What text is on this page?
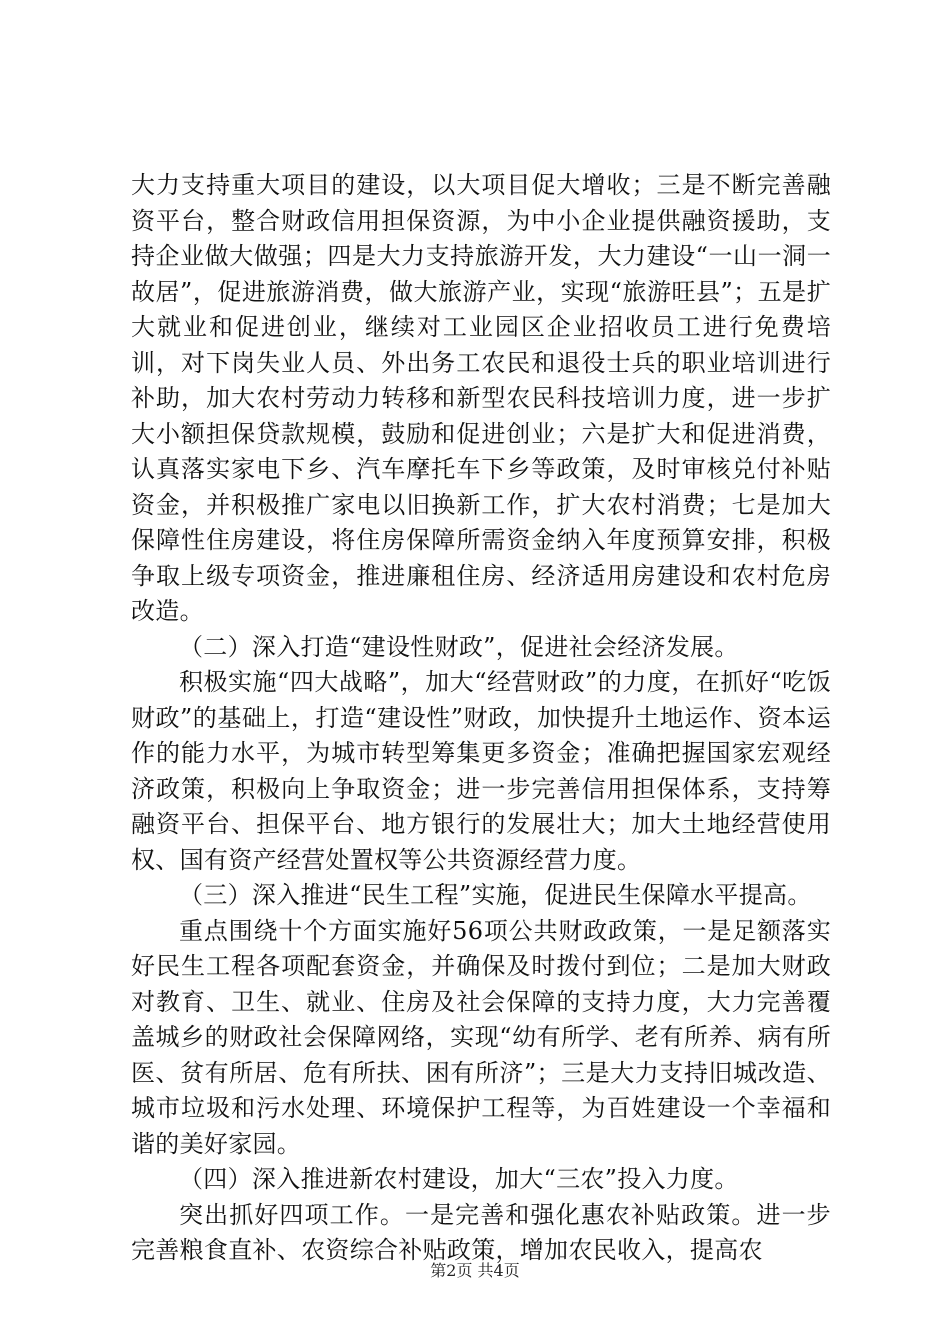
大力支持重大项目的建设，以大项目促大增收；三是不断完善融资平台，整合财政信用担保资源，为中小企业提供融资援助，支持企业做大做强；四是大力支持旅游开发，大力建设“一山一洞一故居”，促进旅游消费，做大旅游产业，实现“旅游旺县”；五是扩大就业和促进创业，继续对工业园区企业招收员工进行免费培训，对下岗失业人员、外出务工农民和退役士兵的职业培训进行补助，加大农村劳动力转移和新型农民科技培训力度，进一步扩大小额担保贷款规模，鼓励和促进创业；六是扩大和促进消费，认真落实家电下乡、汽车摩托车下乡等政策，及时审核兑付补贴资金，并积极推广家电以旧换新工作，扩大农村消费；七是加大保障性住房建设，将住房保障所需资金纳入年度预算安排，积极争取上级专项资金，推进廉租住房、经济适用房建设和农村危房改造。

（二）深入打造“建设性财政”，促进社会经济发展。

积极实施“四大战略”，加大“经营财政”的力度，在抓好“吃饭财政”的基础上，打造“建设性”财政，加快提升土地运作、资本运作的能力水平，为城市转型筹集更多资金；准确把握国家宏观经济政策，积极向上争取资金；进一步完善信用担保体系，支持筹融资平台、担保平台、地方银行的发展壮大；加大土地经营使用权、国有资产经营处置权等公共资源经营力度。

（三）深入推进“民生工程”实施，促进民生保障水平提高。

重点围绕十个方面实施好56项公共财政政策，一是足额落实好民生工程各项配套资金，并确保及时拨付到位；二是加大财政对教育、卫生、就业、住房及社会保障的支持力度，大力完善覆盖城乡的财政社会保障网络，实现“幼有所学、老有所养、病有所医、贫有所居、危有所扶、困有所济”；三是大力支持旧城改造、城市垃圾和污水处理、环境保护工程等，为百姓建设一个幸福和谐的美好家园。

（四）深入推进新农村建设，加大“三农”投入力度。

突出抓好四项工作。一是完善和强化惠农补贴政策。进一步完善粮食直补、农资综合补贴政策，增加农民收入，提高农

第2页 共4页
